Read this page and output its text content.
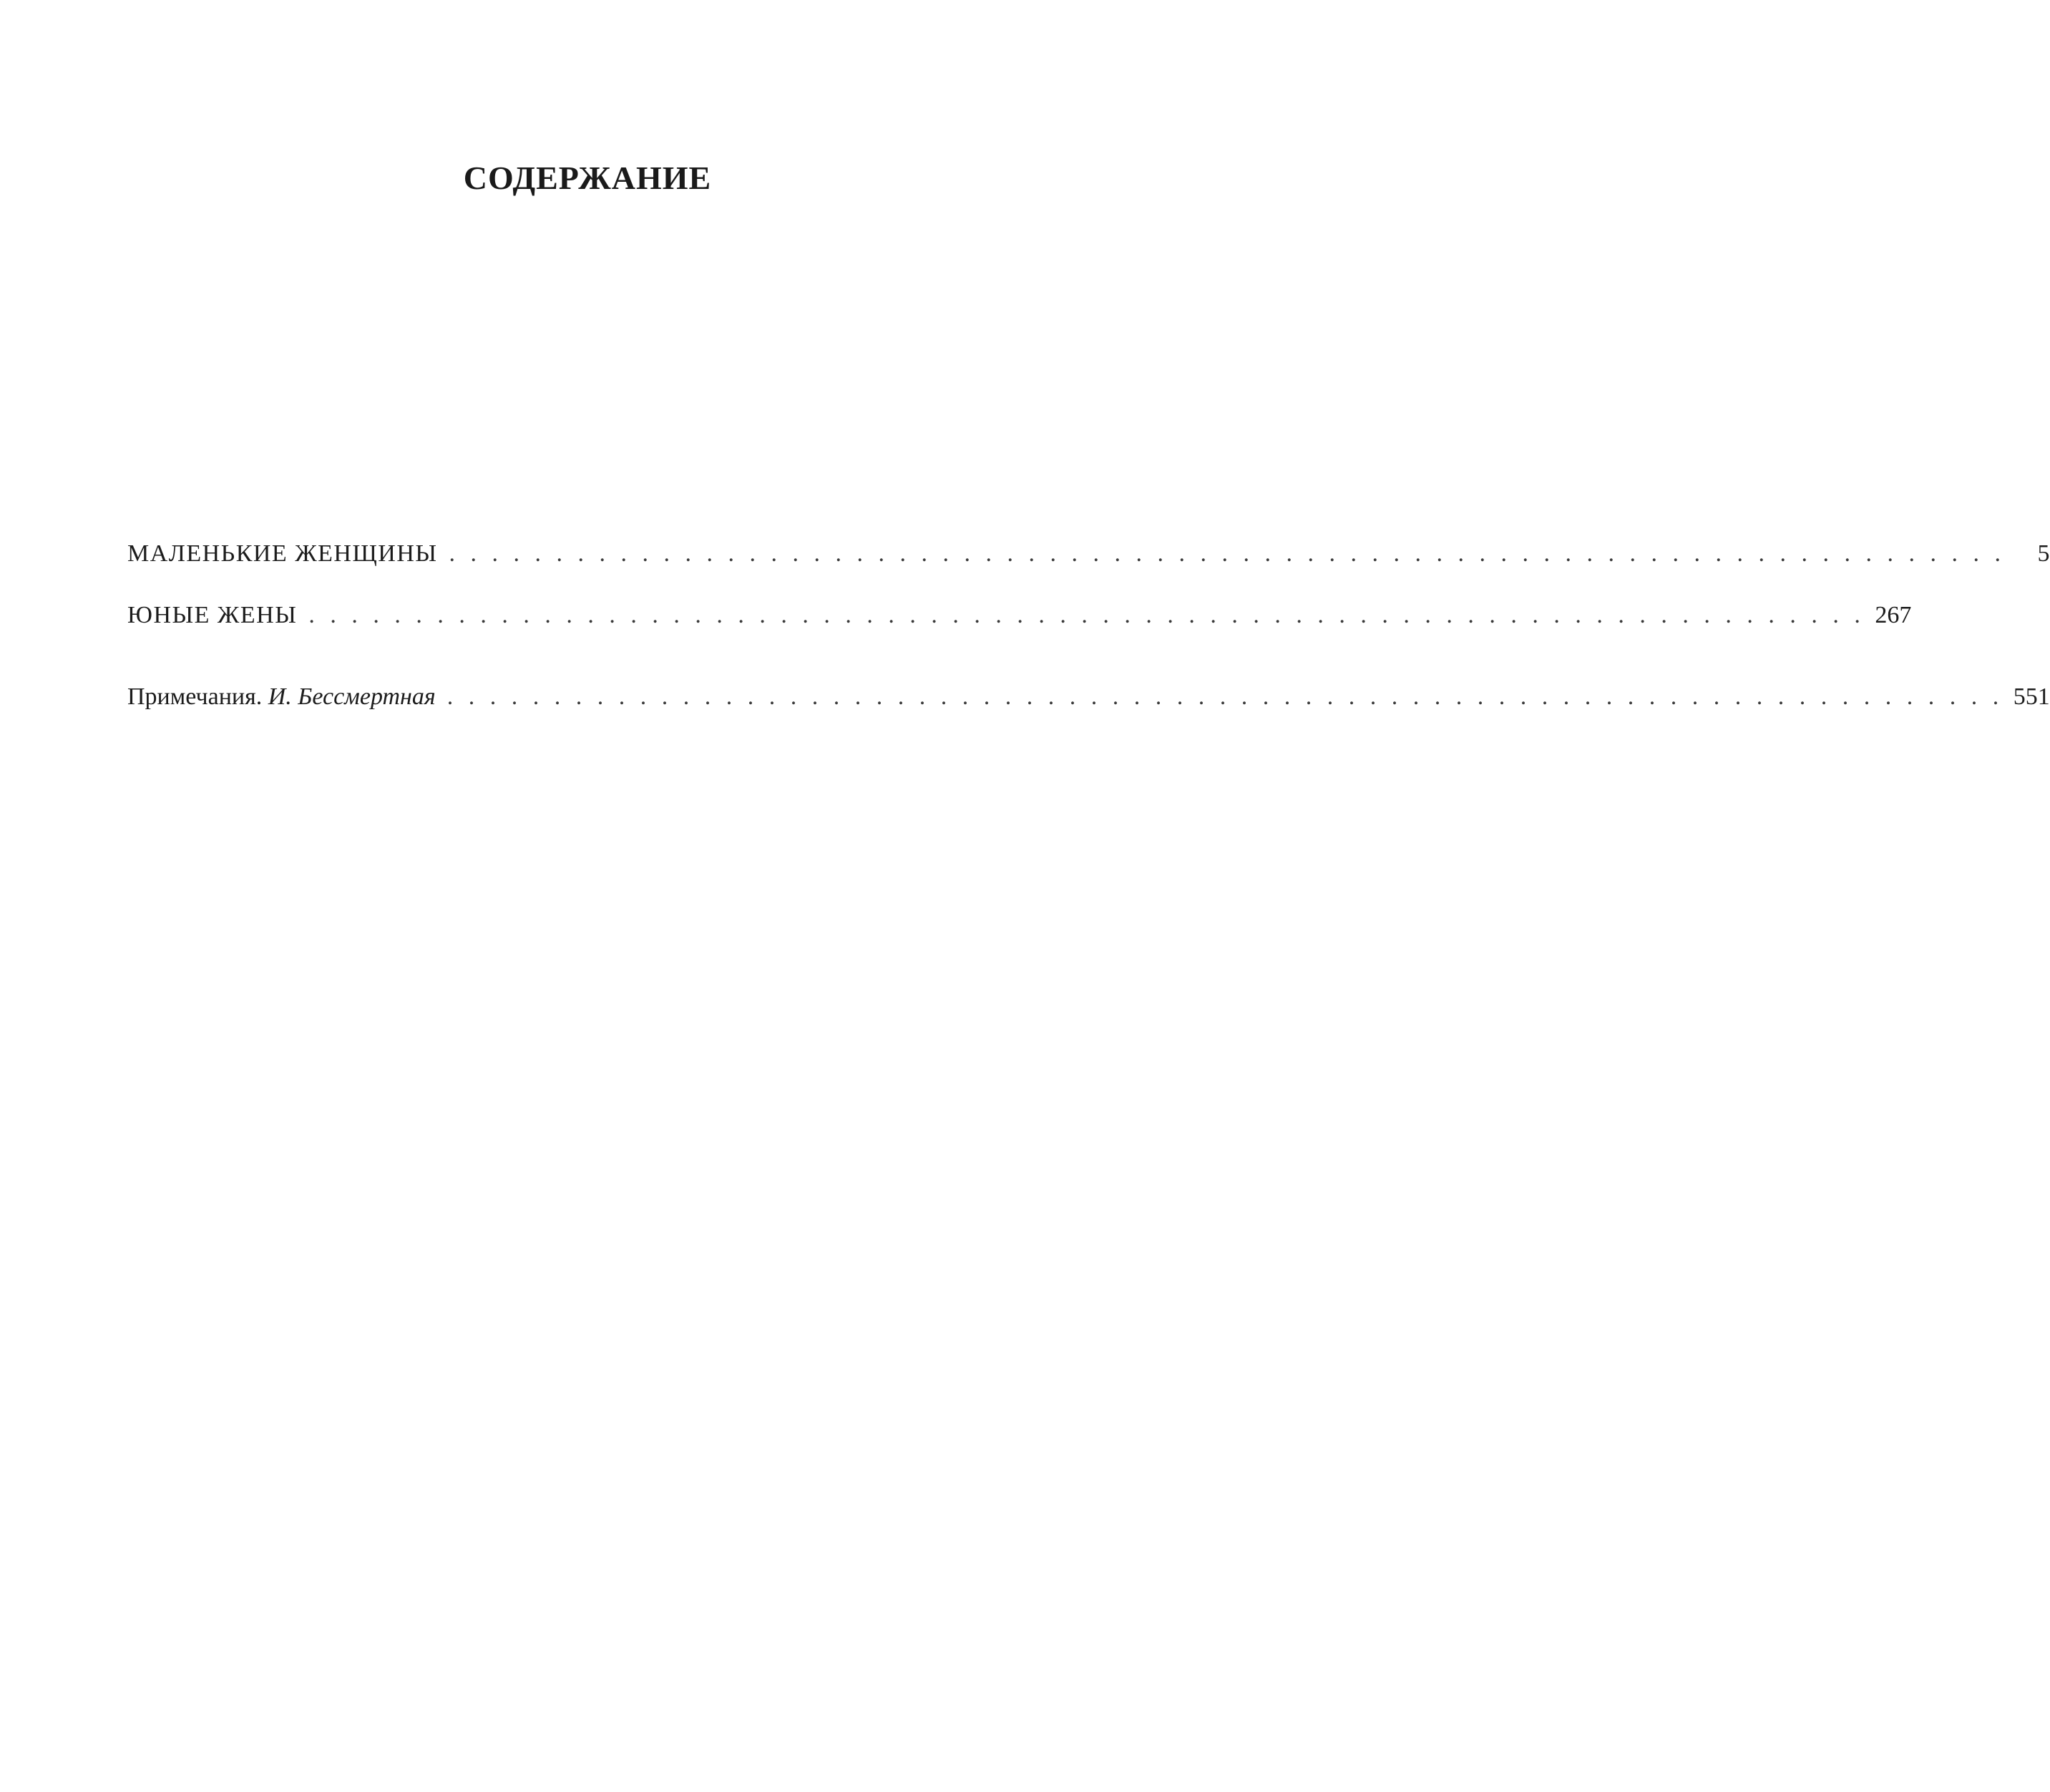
СОДЕРЖАНИЕ
МАЛЕНЬКИЕ ЖЕНЩИНЫ . . . . . . . . . . . . . . . . . . . . . . . . . . . . . . . . . . . . . . . . . . . . . . . . . . . . . . . . . . . . . . . . . . . . . . . . .	5
ЮНЫЕ ЖЕНЫ . . . . . . . . . . . . . . . . . . . . . . . . . . . . . . . . . . . . . . . . . . . . . . . . . . . . . . . . . . . . . . . . . . . . . . . . . 267
Примечания. И. Бессмертная . . . . . . . . . . . . . . . . . . . . . . . . . . . . . . . . . . . . . . . . . . . . . . . . . . . . . . . . . . . . . . . . . . . . . . . . . 551
